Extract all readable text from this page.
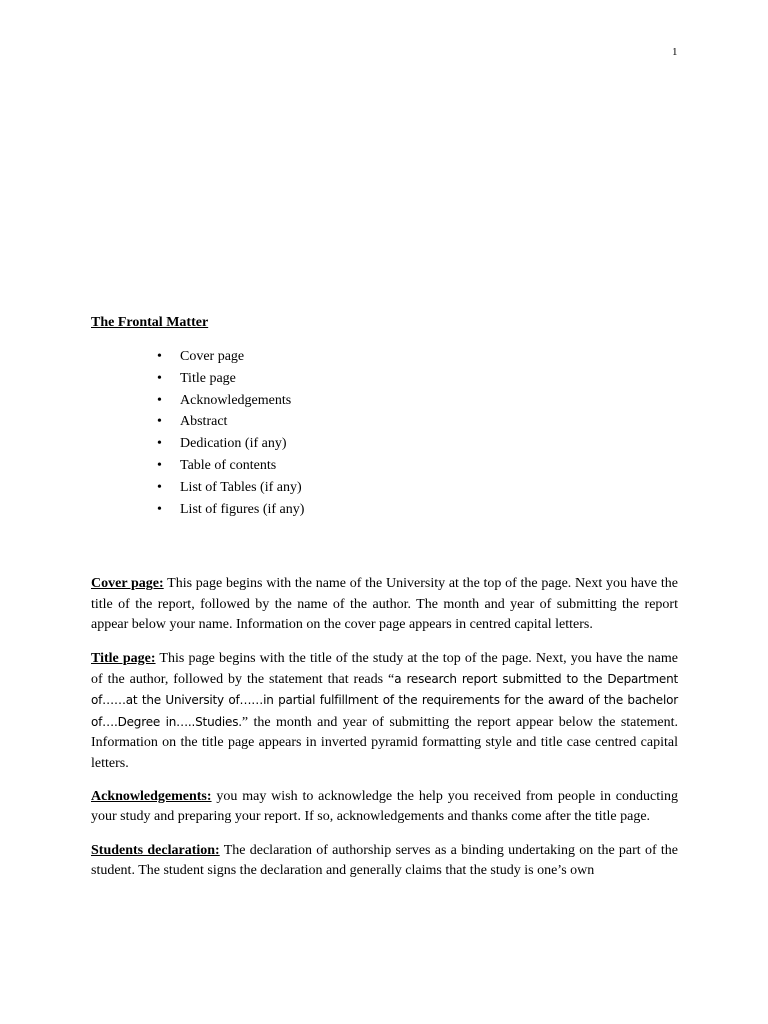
1

The Frontal Matter

• Cover page
• Title page
• Acknowledgements
• Abstract
• Dedication (if any)
• Table of contents
• List of Tables (if any)
• List of figures (if any)

Cover page: This page begins with the name of the University at the top of the page. Next you have the title of the report, followed by the name of the author. The month and year of submitting the report appear below your name. Information on the cover page appears in centred capital letters.

Title page: This page begins with the title of the study at the top of the page. Next, you have the name of the author, followed by the statement that reads “a research report submitted to the Department of……at the University of……in partial fulfillment of the requirements for the award of the bachelor of….Degree in…..Studies.” the month and year of submitting the report appear below the statement. Information on the title page appears in inverted pyramid formatting style and title case centred capital letters.

Acknowledgements: you may wish to acknowledge the help you received from people in conducting your study and preparing your report. If so, acknowledgements and thanks come after the title page.

Students declaration: The declaration of authorship serves as a binding undertaking on the part of the student. The student signs the declaration and generally claims that the study is one’s own
